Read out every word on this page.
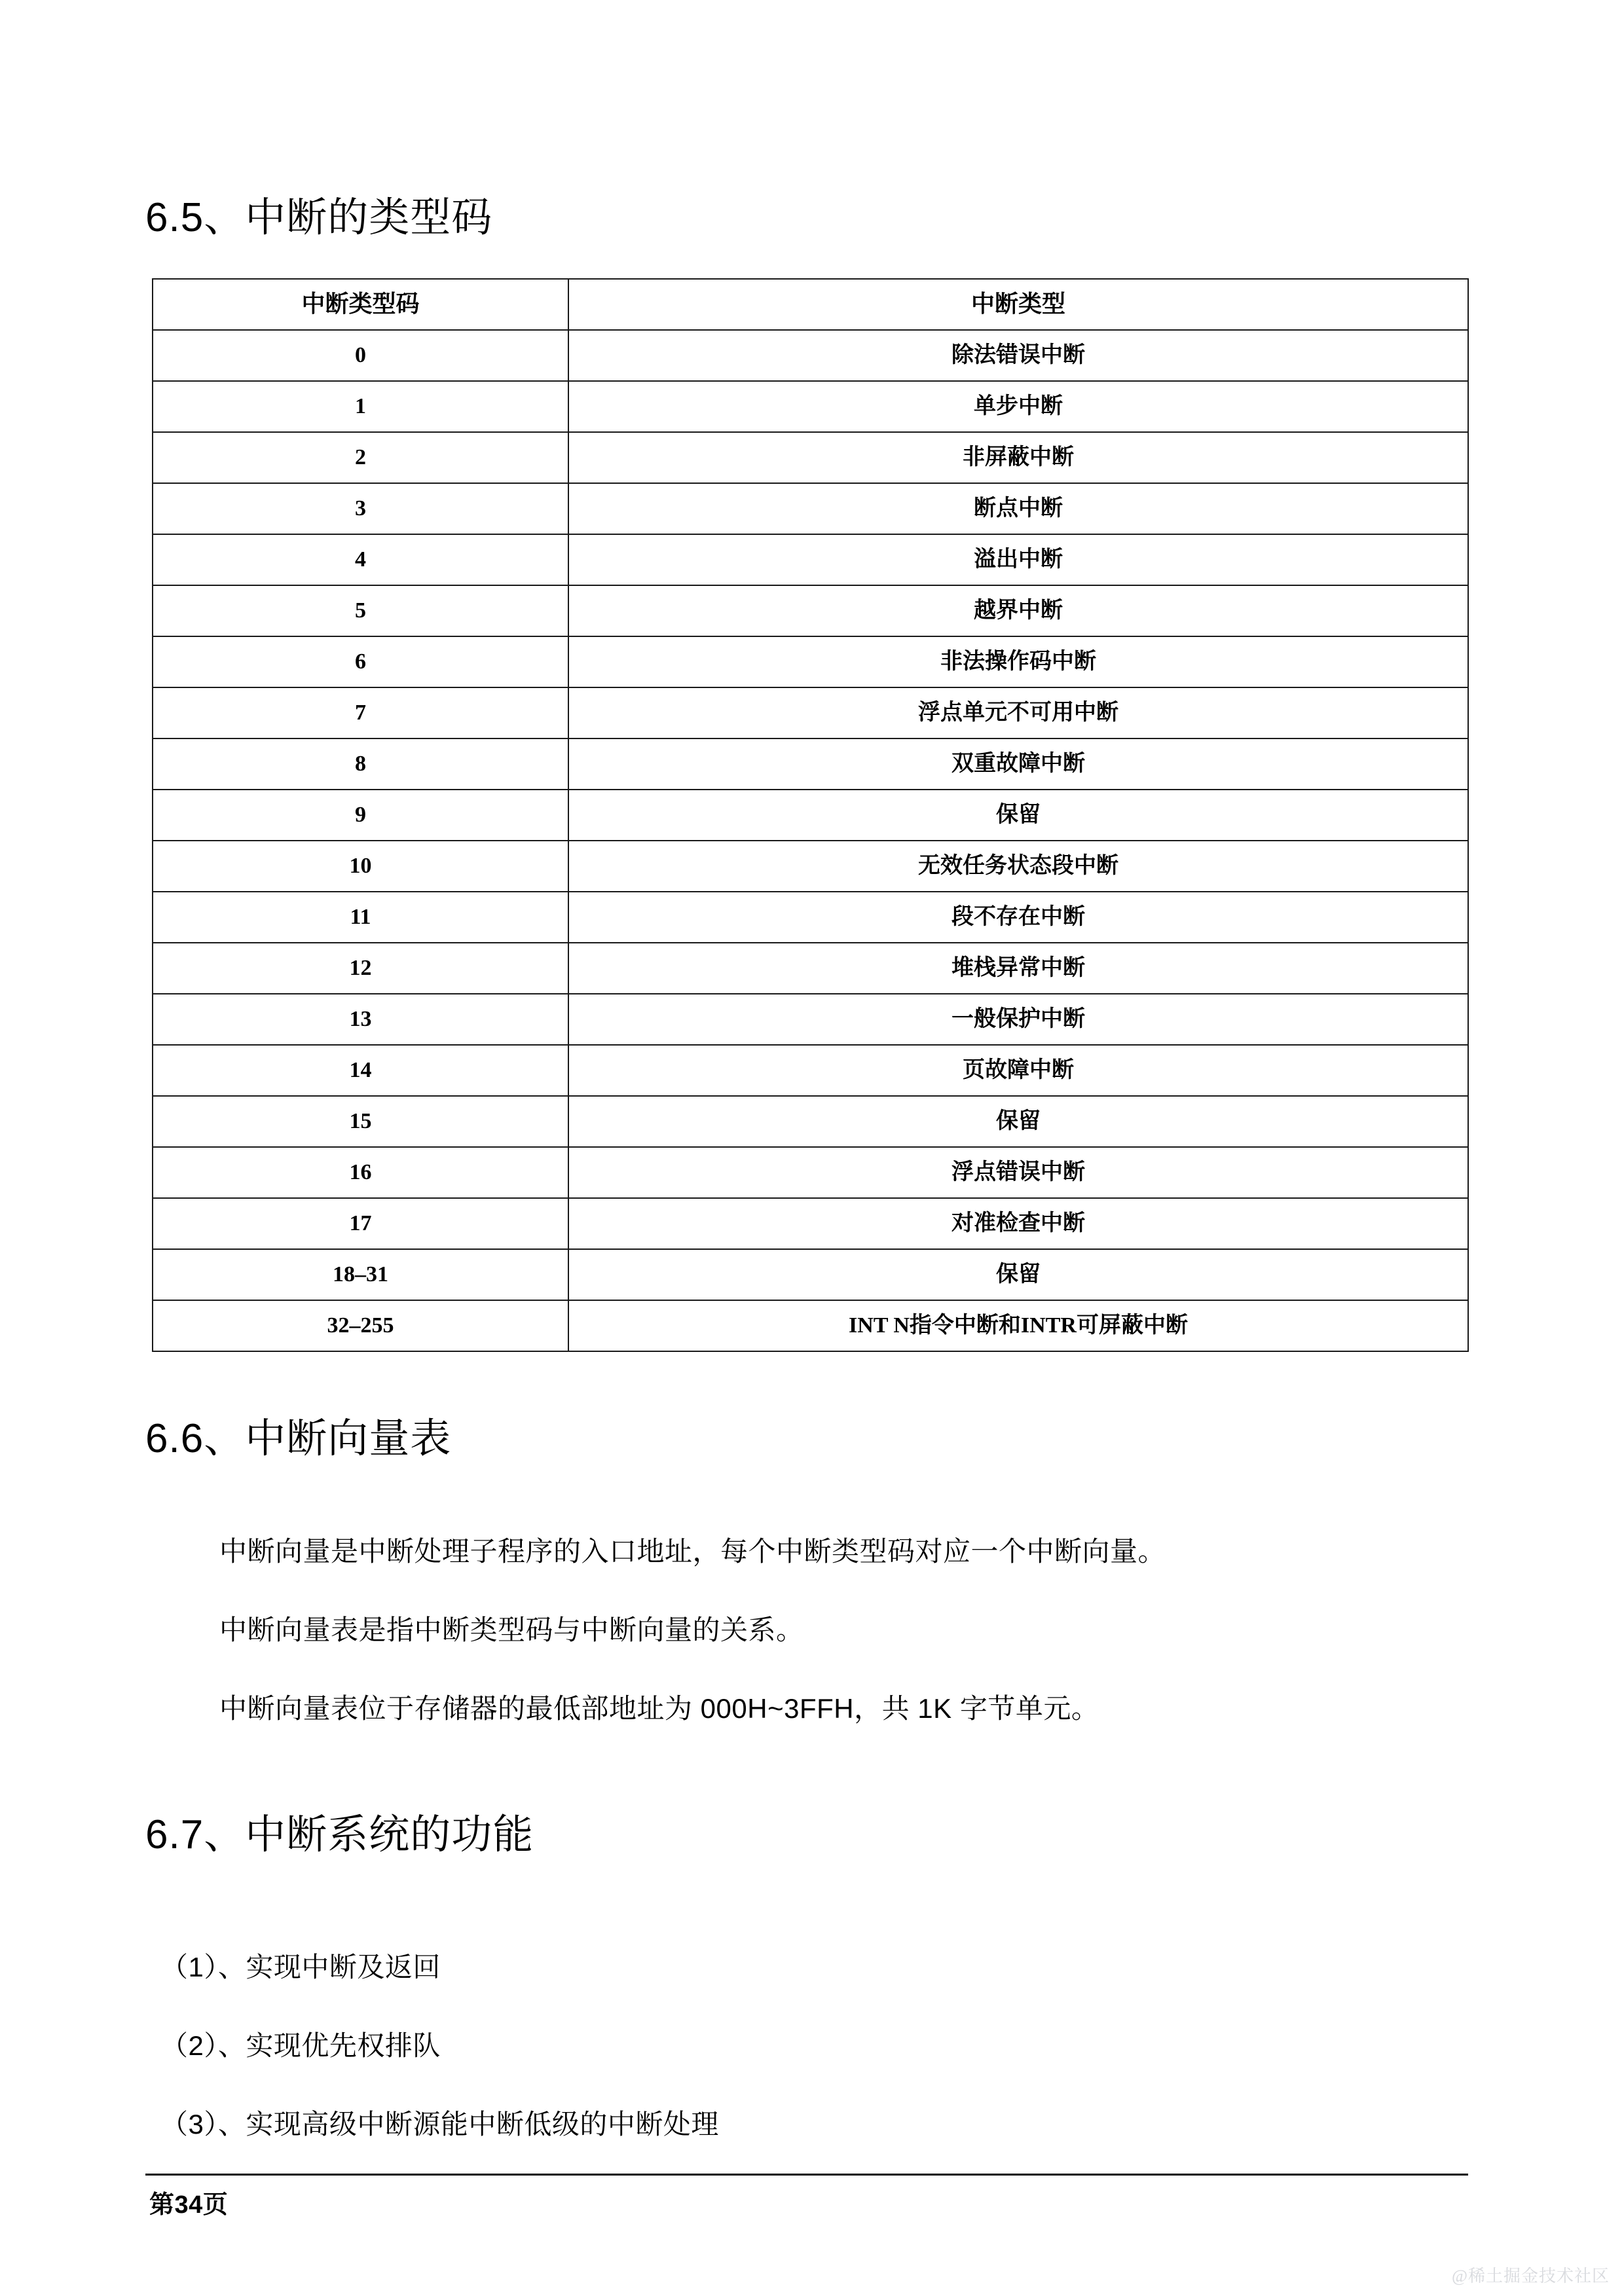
6.5、中断的类型码
中断类型码	中断类型
0	除法错误中断
1	单步中断
2	非屏蔽中断
3	断点中断
4	溢出中断
5	越界中断
6	非法操作码中断
7	浮点单元不可用中断
8	双重故障中断
9	保留
10	无效任务状态段中断
11	段不存在中断
12	堆栈异常中断
13	一般保护中断
14	页故障中断
15	保留
16	浮点错误中断
17	对准检查中断
18–31	保留
32–255	INT N指令中断和INTR可屏蔽中断
6.6、中断向量表

中断向量是中断处理子程序的入口地址，每个中断类型码对应一个中断向量。

中断向量表是指中断类型码与中断向量的关系。

中断向量表位于存储器的最低部地址为 000H~3FFH，共 1K 字节单元。

6.7、中断系统的功能

（1）、实现中断及返回

（2）、实现优先权排队

（3）、实现高级中断源能中断低级的中断处理

第34页
@稀土掘金技术社区
